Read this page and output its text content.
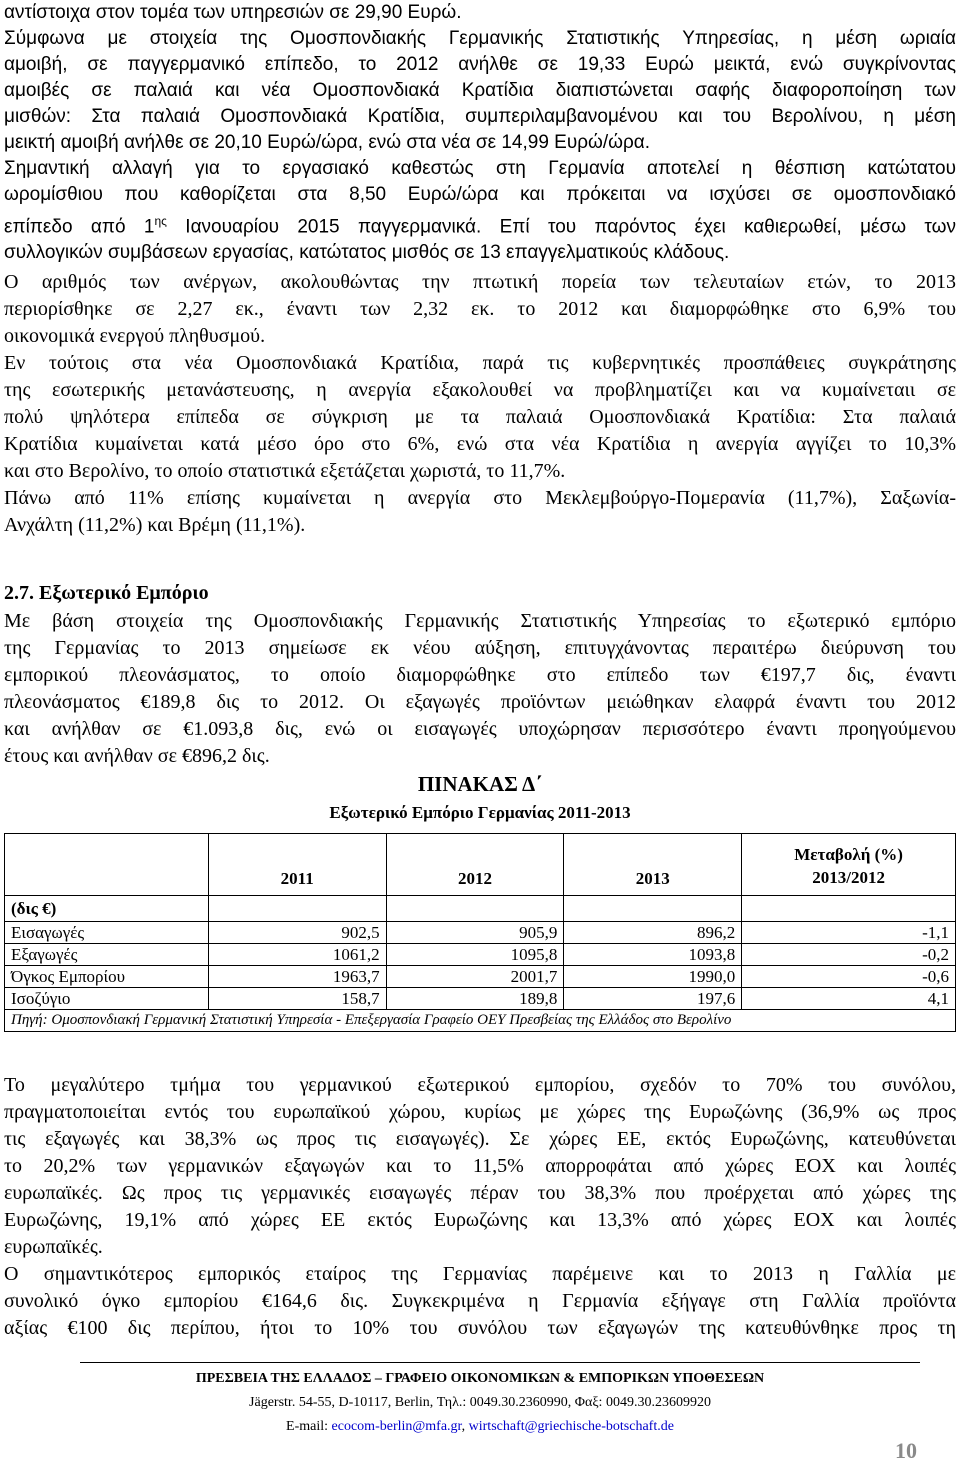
αντίστοιχα στον τομέα των υπηρεσιών σε 29,90 Ευρώ.
Σύμφωνα με στοιχεία της Ομοσπονδιακής Γερμανικής Στατιστικής Υπηρεσίας, η μέση ωριαία
αμοιβή, σε παγγερμανικό επίπεδο, το 2012 ανήλθε σε 19,33 Ευρώ μεικτά, ενώ συγκρίνοντας
αμοιβές σε παλαιά και νέα Ομοσπονδιακά Κρατίδια διαπιστώνεται σαφής διαφοροποίηση των
μισθών: Στα παλαιά Ομοσπονδιακά Κρατίδια, συμπεριλαμβανομένου και του Βερολίνου, η μέση
μεικτή αμοιβή ανήλθε σε 20,10 Ευρώ/ώρα, ενώ στα νέα σε 14,99 Ευρώ/ώρα.
Σημαντική αλλαγή για το εργασιακό καθεστώς στη Γερμανία αποτελεί η θέσπιση κατώτατου
ωρομίσθιου που καθορίζεται στα 8,50 Ευρώ/ώρα και πρόκειται να ισχύσει σε ομοσπονδιακό
επίπεδο από $1^{\eta\varsigma}$ Ιανουαρίου 2015 παγγερμανικά. Επί του παρόντος έχει καθιερωθεί, μέσω των
συλλογικών συμβάσεων εργασίας, κατώτατος μισθός σε 13 επαγγελματικούς κλάδους.
Ο αριθμός των ανέργων, ακολουθώντας την πτωτική πορεία των τελευταίων ετών, το 2013
περιορίσθηκε σε 2,27 εκ., έναντι των 2,32 εκ. το 2012 και διαμορφώθηκε στο 6,9% του
οικονομικά ενεργού πληθυσμού.
Εν τούτοις στα νέα Ομοσπονδιακά Κρατίδια, παρά τις κυβερνητικές προσπάθειες συγκράτησης
της εσωτερικής μετανάστευσης, η ανεργία εξακολουθεί να προβληματίζει και να κυμαίνεταιι σε
πολύ ψηλότερα επίπεδα σε σύγκριση με τα παλαιά Ομοσπονδιακά Κρατίδια: Στα παλαιά
Κρατίδια κυμαίνεται κατά μέσο όρο στο 6%, ενώ στα νέα Κρατίδια η ανεργία αγγίζει το 10,3%
και στο Βερολίνο, το οποίο στατιστικά εξετάζεται χωριστά, το 11,7%.
Πάνω από 11% επίσης κυμαίνεται η ανεργία στο Μεκλεμβούργο-Πομερανία (11,7%), Σαξωνία-
Ανχάλτη (11,2%) και Βρέμη (11,1%).
2.7. Εξωτερικό Εμπόριο
Με βάση στοιχεία της Ομοσπονδιακής Γερμανικής Στατιστικής Υπηρεσίας το εξωτερικό εμπόριο
της Γερμανίας το 2013 σημείωσε εκ νέου αύξηση, επιτυγχάνοντας περαιτέρω διεύρυνση του
εμπορικού πλεονάσματος, το οποίο διαμορφώθηκε στο επίπεδο των €197,7 δις, έναντι
πλεονάσματος €189,8 δις το 2012. Οι εξαγωγές προϊόντων μειώθηκαν ελαφρά έναντι του 2012
και ανήλθαν σε €1.093,8 δις, ενώ οι εισαγωγές υποχώρησαν περισσότερο έναντι προηγούμενου
έτους και ανήλθαν σε €896,2 δις.
ΠΙΝΑΚΑΣ Δ΄
Εξωτερικό Εμπόριο Γερμανίας 2011-2013
	2011	2012	2013	Μεταβολή (%)
2013/2012
(δις €)				
Εισαγωγές	902,5	905,9	896,2	-1,1
Εξαγωγές	1061,2	1095,8	1093,8	-0,2
Όγκος Εμπορίου	1963,7	2001,7	1990,0	-0,6
Ισοζύγιο	158,7	189,8	197,6	4,1
Πηγή: Ομοσπονδιακή Γερμανική Στατιστική Υπηρεσία - Επεξεργασία Γραφείο ΟΕΥ Πρεσβείας της Ελλάδος στο Βερολίνο				
Το μεγαλύτερο τμήμα του γερμανικού εξωτερικού εμπορίου, σχεδόν το 70% του συνόλου,
πραγματοποιείται εντός του ευρωπαϊκού χώρου, κυρίως με χώρες της Ευρωζώνης (36,9% ως προς
τις εξαγωγές και 38,3% ως προς τις εισαγωγές). Σε χώρες ΕΕ, εκτός Ευρωζώνης, κατευθύνεται
το 20,2% των γερμανικών εξαγωγών και το 11,5% απορροφάται από χώρες ΕΟΧ και λοιπές
ευρωπαϊκές. Ως προς τις γερμανικές εισαγωγές πέραν του 38,3% που προέρχεται από χώρες της
Ευρωζώνης, 19,1% από χώρες ΕΕ εκτός Ευρωζώνης και 13,3% από χώρες ΕΟΧ και λοιπές
ευρωπαϊκές.
Ο σημαντικότερος εμπορικός εταίρος της Γερμανίας παρέμεινε και το 2013 η Γαλλία με
συνολικό όγκο εμπορίου €164,6 δις. Συγκεκριμένα η Γερμανία εξήγαγε στη Γαλλία προϊόντα
αξίας €100 δις περίπου, ήτοι το 10% του συνόλου των εξαγωγών της κατευθύνθηκε προς τη
ΠΡΕΣΒΕΙΑ ΤΗΣ ΕΛΛΑΔΟΣ – ΓΡΑΦΕΙΟ ΟΙΚΟΝΟΜΙΚΩΝ & ΕΜΠΟΡΙΚΩΝ ΥΠΟΘΕΣΕΩΝ
Jägerstr. 54-55, D-10117, Berlin, Τηλ.: 0049.30.2360990, Φαξ: 0049.30.23609920
E-mail: ecocom-berlin@mfa.gr, wirtschaft@griechische-botschaft.de
10
